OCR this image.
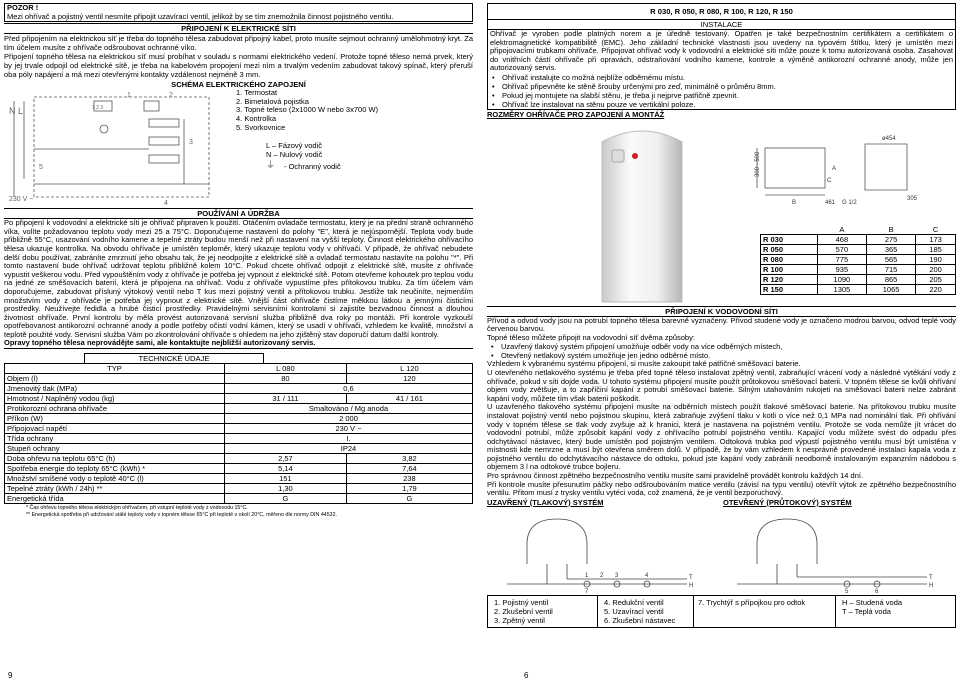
POZOR !
Mezi ohřívač a pojistný ventil nesmíte připojit uzavírací ventil, jelikož by se tím znemožnila činnost pojistného ventilu.
PŘIPOJENÍ K ELEKTRICKÉ SÍTI

Před připojením na elektrickou síť je třeba do topného tělesa zabudovat připojný kabel, proto musíte sejmout ochranný umělohmotný kryt. Za tím účelem musíte z ohřívače odšroubovat ochranné víko.

Připojení topného tělesa na elektrickou síť musí probíhat v souladu s normami elektrického vedení. Protože topné těleso nemá prvek, který by jej trvale odpojil od elektrické sítě, je třeba na kabelovém propojení mezi ním a trvalým vedením zabudovat takový spínač, který přeruší oba póly napájení a má mezi otevřenými kontakty vzdálenost nejméně 3 mm.

SCHÉMA ELEKTRICKÉHO ZAPOJENÍ
N L
230 V ~
1	2
3
4
5
1 2 3
1. Termostat
2. Bimetalová pojistka
3. Topné teleso (2x1000 W nebo 3x700 W)
4. Kontrolka
5. Svorkovnice
L – Fázový vodič
N – Nulový vodič
⏚ - Ochranný vodič
POUŽÍVÁNÍ A ÚDRŽBA

Po připojení k vodovodní a elektrické síti je ohřívač připraven k použití. Otáčením ovladače termostatu, který je na přední straně ochranného víka, volíte požadovanou teplotu vody mezi 25 a 75°C. Doporučujeme nastavení do polohy "E", která je nejúspornější. Teplota vody bude přibližně 55°C, usazování vodního kamene a tepelné ztráty budou menší než při nastavení na vyšší teploty. Činnost elektrického ohřívacího tělesa ukazuje kontrolka. Na obvodu ohřívače je umístěn teploměr, který ukazuje teplotu vody v ohřívači. V případě, že ohřívač nebudete delší dobu používat, zabráníte zmrznutí jeho obsahu tak, že jej neodpojíte z elektrické sítě a ovladač termostatu nastavíte na polohu "*". Při tomto nastavení bude ohřívač udržovat teplotu přibližně kolem 10°C. Pokud chcete ohřívač odpojit z elektrické sítě, musíte z ohřívače vypustit veškerou vodu. Před vypouštěním vody z ohřívače je potřeba jej vypnout z elektrické sítě. Potom otevřeme kohoutek pro teplou vodu na jedné ze směšovacích baterií, která je připojena na ohřívač. Vodu z ohřívače vypustíme přes přítokovou trubku. Za tím účelem vám doporučujeme, zabudovat přísluný výtokový ventil nebo T kus mezi pojistný ventil a přítokovou trubku. Jestliže tak neučiníte, nejmenším množstvím vody z ohřívače je potřeba jej vypnout z elektrické sítě. Vnější část ohřívače čistíme měkkou látkou a jemnými čisticími prostředky. Neužívejte ředidla a hrubé čisticí prostředky. Pravidelnými servisními kontrolami si zajistíte bezvadnou činnost a dlouhou životnost ohřívače. První kontrolu by měla provést autorizovaná servisní služba přibližně dva roky po montáži. Při kontrole vyzkouší opotřebovanost antikorozní ochranné anody a podle potřeby očistí vodní kámen, který se usadí v ohřívači, vzhledem ke kvalitě, množství a teplotě použité vody. Servisní služba Vám po zkontrolování ohřívače s ohledem na jeho zjištěný stav doporučí datum další kontroly.

Opravy topného tělesa neprovádějte sami, ale kontaktujte nejbližší autorizovaný servis.

TECHNICKÉ ÚDAJE
TYP	L 080	L 120
Objem (l)	80	120
Jmenovitý tlak (MPa)	0,6	
Hmotnost / Naplněný vodou (kg)	31 / 111	41 / 161
Protikorozní ochrana ohřívače	Smaltováno / Mg anoda	
Příkon (W)	2 000	
Připojovací napětí	230 V ~	
Třída ochrany	I.	
Stupeň ochrany	IP24	
Doba ohřevu na teplotu 65°C (h)	2,57	3,82
Spotřeba energie do teploty 65°C (kWh) *	5,14	7,64
Množství smíšené vody o teplotě 40°C (l)	151	238
Tepelné ztráty (kWh / 24h) **	1,30	1,79
Energetická třída	G	G
* Čas ohřevu topného tělesa elektrickým ohřívačem, při vstupní teplotě vody z vodovodu 15°C.
** Energetická spotřeba při udržování stálé teploty vody v topném tělese 65°C při teplotě v okolí 20°C, měřeno dle normy DIN 44532.
9
R 030, R 050, R 080, R 100, R 120, R 150
INSTALACE

Ohřívač je vyroben podle platných norem a je úředně testovaný. Opatřen je také bezpečnostním certifikátem a certifikátem o elektromagnetické kompatibilitě (EMC). Jeho základní technické vlastnosti jsou uvedeny na typovém štítku, který je umístěn mezi připojovacími trubkami ohřívače. Připojovat ohřívač vody k vodovodní a elektrické síti může pouze k tomu autorizovaná osoba. Zasahovat do vnitřních částí ohřívače při opravách, odstraňování vodního kamene, kontrole a výměně antikorozní ochranné anody, může jen autorizovaný servis.

• Ohřívač instalujte co možná nejblíže odběrnému místu.
• Ohřívač připevněte ke stěně šrouby určenými pro zeď, minimálně o průměru 8mm.
• Pokud jej montujete na slabší stěnu, je třeba ji nejprve patřičně zpevnit.
• Ohřívač lze instalovat na stěnu pouze ve vertikální poloze.
ROZMĚRY OHŘÍVAČE PRO ZAPOJENÍ A MONTÁŽ
ø454
A
B
C
300 - 500
461 G 1/2
305
	A	B	C
R 030	468	275	173
R 050	570	365	185
R 080	775	565	190
R 100	935	715	200
R 120	1090	865	205
R 150	1305	1065	220
PŘIPOJENÍ K VODOVODNÍ SÍTI

Přívod a odvod vody jsou na potrubí topného tělesa barevně vyznačeny. Přívod studené vody je označeno modrou barvou, odvod teplé vody červenou barvou.

Topné těleso můžete připojit na vodovodní síť dvěma způsoby:

• Uzavřený tlakový systém připojení umožňuje odběr vody na více odběrných místech,
• Otevřený netlakový systém umožňuje jen jedno odběrné místo.

Vzhledem k vybranému systému připojení, si musíte zakoupit také patřičné směšovací baterie.

U otevřeného netlakového systému je třeba před topné těleso instalovat zpětný ventil, zabraňující vrácení vody a následné vytékání vody z ohřívače, pokud v síti dojde voda. U tohoto systému připojení musíte použít průtokovou směšovací baterii. V topném tělese se kvůli ohřívání objem vody zvětšuje, a to zapříčiní kapání z potrubí směšovací baterie. Silným utahováním rukojeti na směšovací baterii nelze zabránit kapání vody, můžete tím však baterii poškodit.

U uzavřeného tlakového systému připojení musíte na odběrních místech použít tlakové směšovací baterie. Na přítokovou trubku musíte instalovat pojistný ventil nebo pojistnou skupinu, která zabraňuje zvýšení tlaku v kotli o více než 0,1 MPa nad nominální tlak. Při ohřívání vody v topném tělese se tlak vody zvyšuje až k hranici, která je nastavena na pojistném ventilu. Protože se voda nemůže jít vrácet do vodovodní potrubí, může způsobit kapání vody z ohřívacího potrubí pojistného ventilu. Kapající vodu můžete svést do odpadu přes odchytávací nástavec, který bude umístěn pod pojistným ventilem. Odtoková trubka pod výpustí pojistného ventilu musí být umístěna v místnosti kde nemrzne a musí být otevřena směrem dolů. V případě, že by vám vzhledem k nesprávně provedené instalaci kapala voda z pojistného ventilu do odchytávacího nástavce do odtoku, pokud jste kapání vody zabránili neodborně instalovaným expanzním nádobou s objemem 3 l na odtokové trubce bojleru.

Pro správnou činnost zpětného bezpečnostního ventilu musíte sami pravidelně provádět kontrolu každých 14 dní.

Při kontrole musíte přesunutím páčky nebo odšroubováním matice ventilu (závisí na typu ventilu) otevřít výtok ze zpětného bezpečnostního ventilu. Přitom musí z trysky ventilu vytéci voda, což znamená, že je ventil bezporuchový.

UZAVŘENÝ (TLAKOVÝ) SYSTÉM	OTEVŘENÝ (PRŮTOKOVÝ) SYSTÉM
H
T
H
T
1 2 3	4
5	6
7
1. Pojistný ventil
2. Zkušební ventil
3. Zpětný ventil

4. Redukční ventil
5. Uzavírací ventil
6. Zkušební nástavec

7. Trychtýř s přípojkou pro odtok	H – Studená voda
T – Teplá voda
6
